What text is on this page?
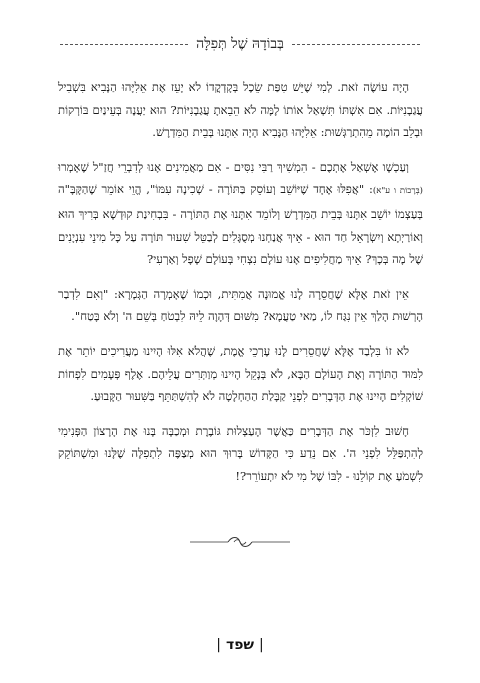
בְּבוֹדָהּ שֶׁל תְּפִלָּה

הָיָה עוֹשֶׂה זֹאת. לְמִי שֶׁיֵּשׁ טִפַּת שֵׂכֶל בְּקָדְקֳדוֹ לֹא יָעֵז אֶת אֵלִיָּהוּ הַנָּבִיא בִּשְׁבִיל עֲגַבָנִיּוֹת. אִם אִשְׁתּוֹ תִּשְׁאַל אוֹתוֹ לָמָּה לֹא הֵבֵאתָ עֲגַבָנִיּוֹת? הוּא יַעֲנֶה בְּעֵינַיִם בּוֹרְקוֹת וּבְלֵב הוֹמֶה מֵהִתְרַגְּשׁוּת: אֵלִיָּהוּ הַנָּבִיא הָיָה אִתָּנוּ בְּבֵית הַמִּדְרָשׁ.

וְעַכְשָׁו אֶשְׁאַל אֶתְכֶם - הִמְשִׁיךְ רַבִּי נִסִּים - אִם מַאֲמִינִים אָנוּ לְדִבְרֵי חֲזַ"ל שֶׁאָמְרוּ (בְּרָכוֹת ו ע"א): "אֲפִלּוּ אֶחָד שֶׁיּוֹשֵׁב וְעוֹסֵק בַּתּוֹרָה - שְׁכִינָה עִמּוֹ", הֱוֵי אוֹמֵר שֶׁהַקָּבָּ"ה בְּעַצְמוֹ יוֹשֵׁב אִתָּנוּ בְּבֵית הַמִּדְרָשׁ וְלוֹמֵד אִתָּנוּ אֶת הַתּוֹרָה - בִּבְחִינַת קוּדְשָׁא בְּרִיךְ הוּא וְאוֹרַיְתָא וְיִשְׂרָאֵל חַד הוּא - אֵיךְ אֲנַחְנוּ מְסֻגָּלִים לְבַטֵּל שִׁעוּר תּוֹרָה עַל כָּל מִינֵי עִנְיָנִים שֶׁל מָה בְּכָךְ? אֵיךְ מַחֲלִיפִים אָנוּ עוֹלָם נִצְחִי בְּעוֹלָם שָׁפָל וְאַרְעִי?

אֵין זֹאת אֶלָּא שֶׁחֲסֵרָה לָנוּ אֱמוּנָה אֲמִתִּית, וּכְמוֹ שֶׁאָמְרָה הַגְּמָרָא: "וְאִם לִדְבַר הָרְשׁוּת הָלַךְ אֵין נִגַּח לוֹ, מַאי טַעֲמָא? מִשּׁוּם דְּהָוָה לֵיהּ לִבְטֹחַ בְּשֵׁם ה' וְלֹא בָּטַח".

לֹא זוֹ בִּלְבַד אֶלָּא שֶׁחֲסֵרִים לָנוּ עֶרְכֵי אֱמֶת, שֶׁהֲלֹא אִלּוּ הָיִינוּ מַעֲרִיכִים יוֹתֵר אֶת לִמּוּד הַתּוֹרָה וְאֶת הָעוֹלָם הַבָּא, לֹא בְּנָקֵל הָיִינוּ מְוַתְּרִים עֲלֵיהֶם. אֶלֶף פְּעָמִים לִפְחוֹת שׁוֹקְלִים הָיִינוּ אֶת הַדְּבָרִים לִפְנֵי קַבָּלַת הַהַחְלָטָה לֹא לְהִשְׁתַּתֵּף בַּשִּׁעוּר הַקָּבוּעַ.

חָשׁוּב לִזְכֹּר אֶת הַדְּבָרִים כַּאֲשֶׁר הָעַצְלוּת גּוֹבֶרֶת וּמְכַבָּה בָּנוּ אֶת הָרָצוֹן הַפְּנִימִי לְהִתְפַּלֵּל לִפְנֵי ה'. אִם נֵדַע כִּי הַקָּדוֹשׁ בָּרוּךְ הוּא מְצַפֶּה לִתְפִלָּה שֶׁלָּנוּ וּמִשְׁתּוֹקֵק לִשְׁמֹעַ אֶת קוֹלֵנוּ - לִבּוֹ שֶׁל מִי לֹא יִתְעוֹרֵר?!

|שפד|
